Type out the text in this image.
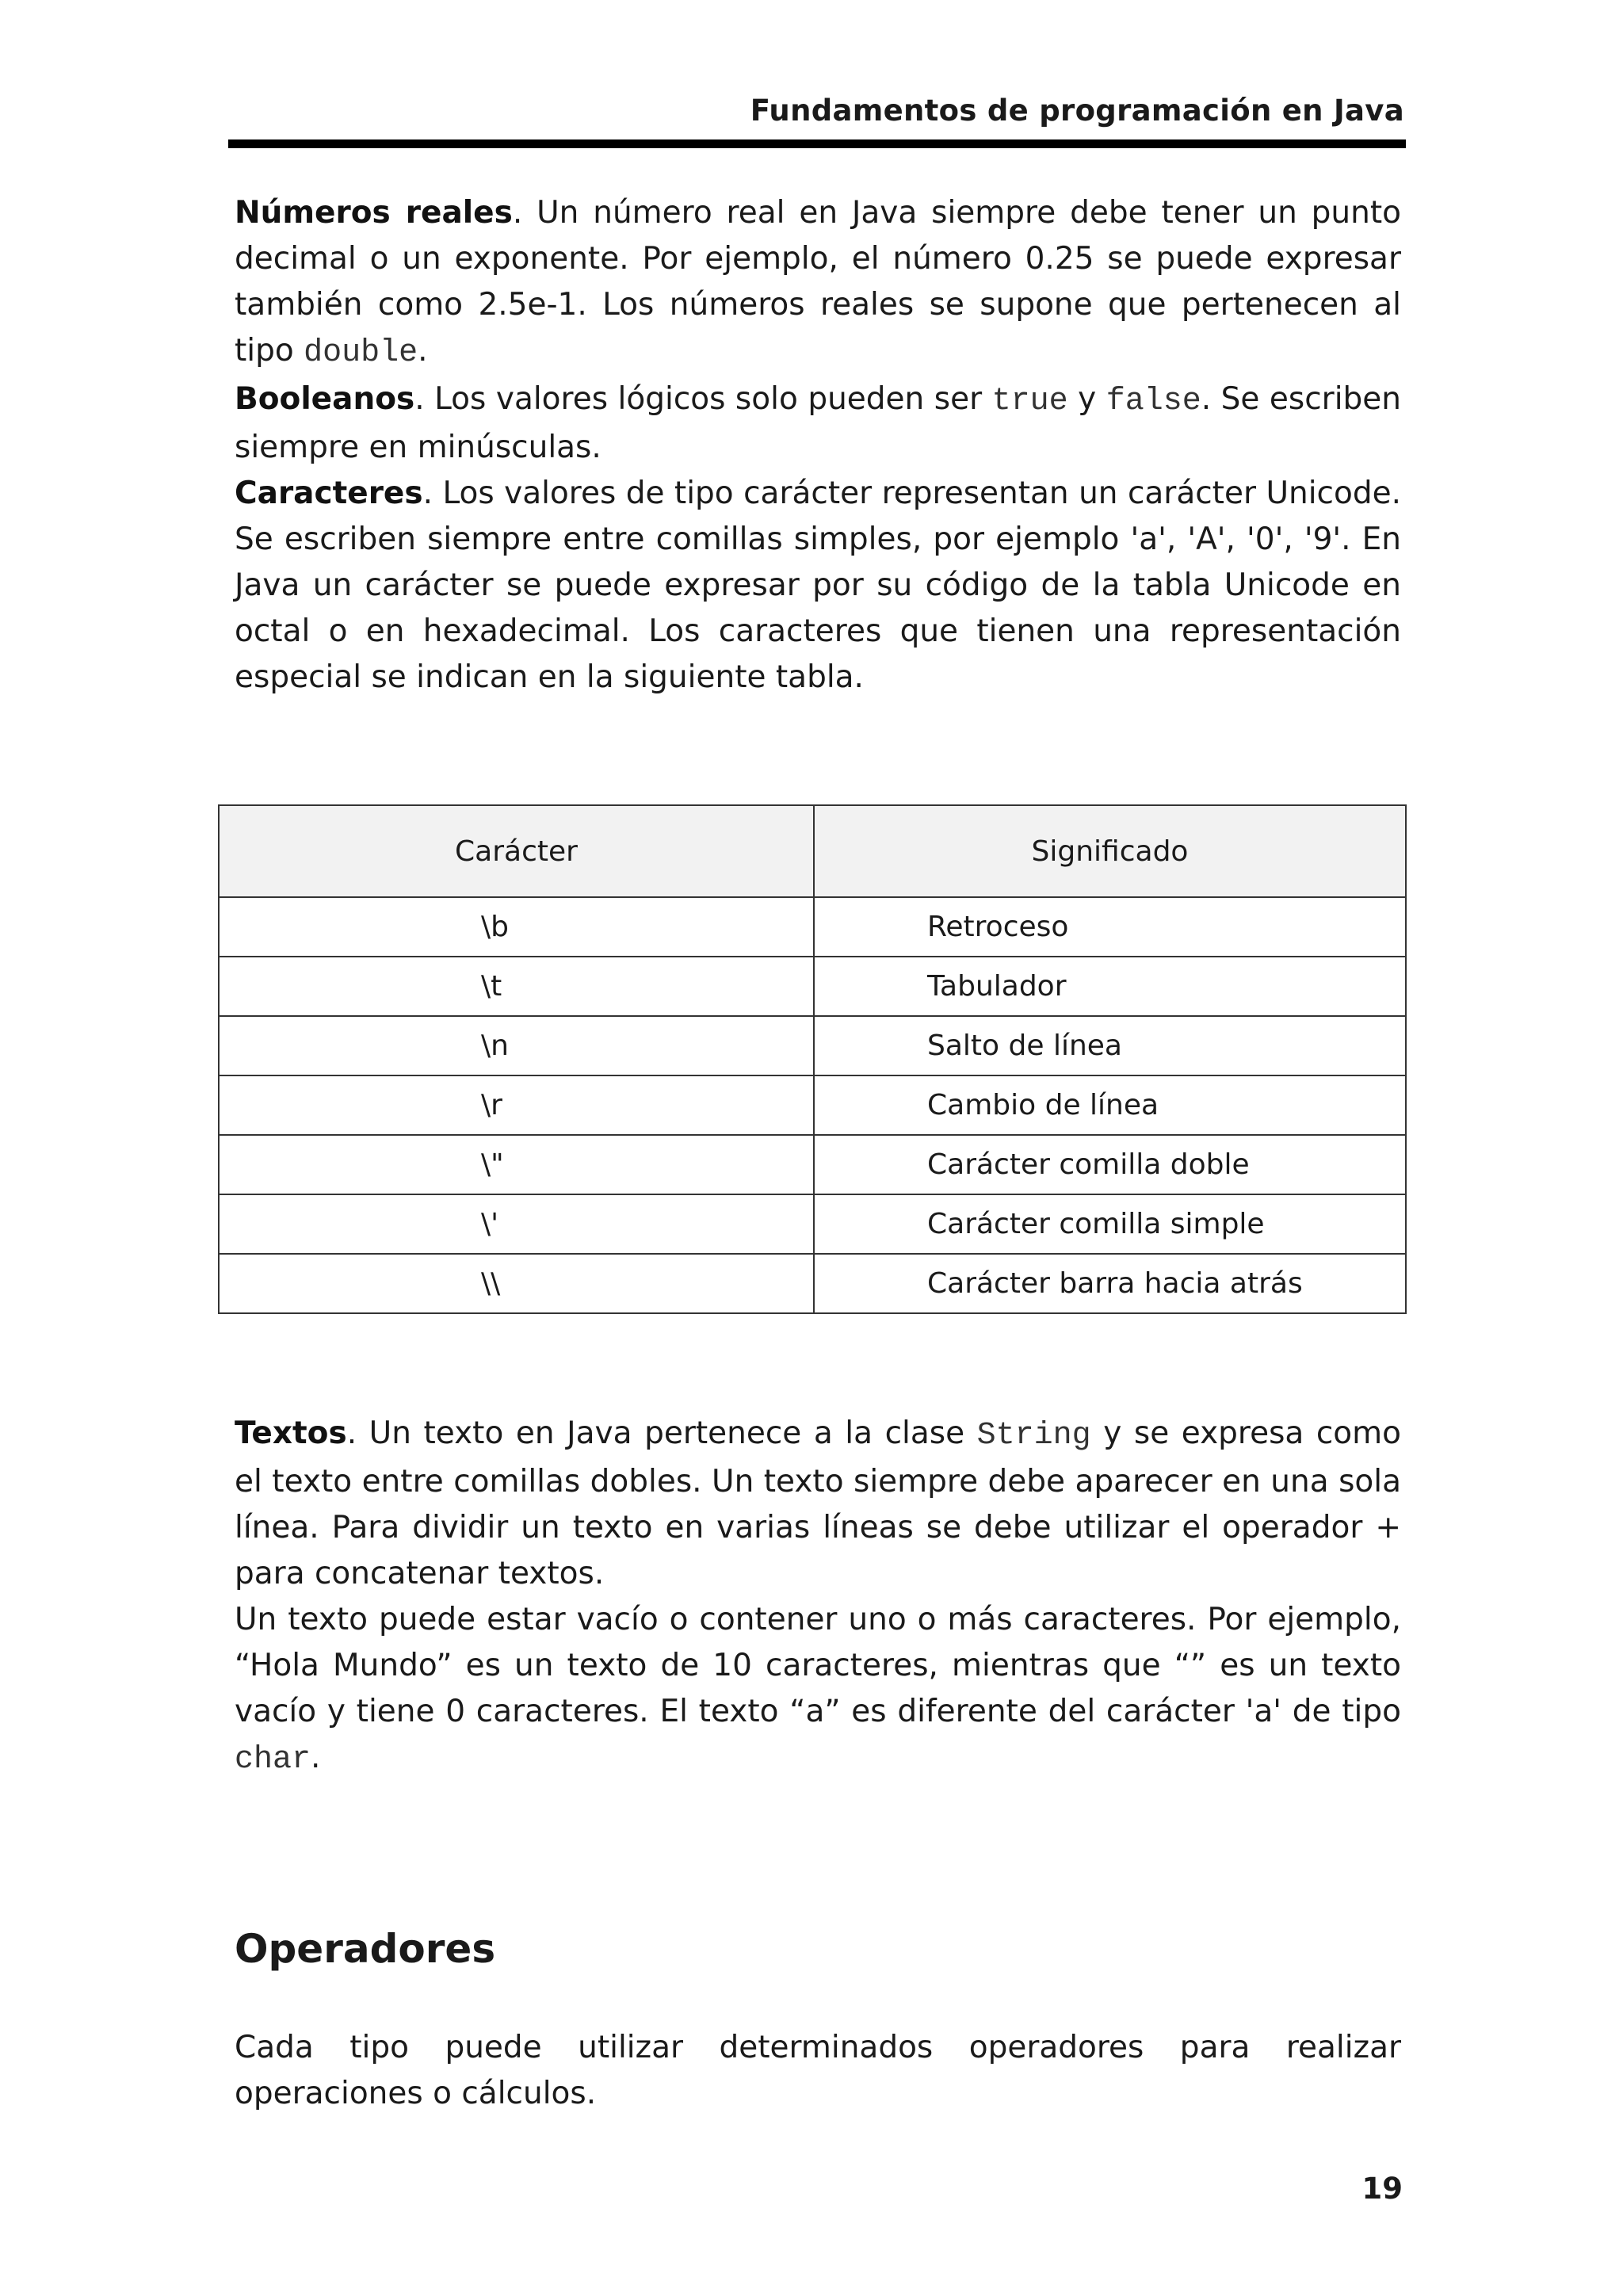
Fundamentos de programación en Java

Números reales. Un número real en Java siempre debe tener un punto decimal o un exponente. Por ejemplo, el número 0.25 se puede expresar también como 2.5e-1. Los números reales se supone que pertenecen al tipo double.

Booleanos. Los valores lógicos solo pueden ser true y false. Se escriben siempre en minúsculas.

Caracteres. Los valores de tipo carácter representan un carácter Unicode. Se escriben siempre entre comillas simples, por ejemplo 'a', 'A', '0', '9'. En Java un carácter se puede expresar por su código de la tabla Unicode en octal o en hexadecimal. Los caracteres que tienen una representación especial se indican en la siguiente tabla.

Carácter	Significado
\b	Retroceso
\t	Tabulador
\n	Salto de línea
\r	Cambio de línea
\"	Carácter comilla doble
\'	Carácter comilla simple
\\	Carácter barra hacia atrás

Textos. Un texto en Java pertenece a la clase String y se expresa como el texto entre comillas dobles. Un texto siempre debe aparecer en una sola línea. Para dividir un texto en varias líneas se debe utilizar el operador + para concatenar textos.

Un texto puede estar vacío o contener uno o más caracteres. Por ejemplo, “Hola Mundo” es un texto de 10 caracteres, mientras que “” es un texto vacío y tiene 0 caracteres. El texto “a” es diferente del carácter 'a' de tipo char.

Operadores

Cada tipo puede utilizar determinados operadores para realizar operaciones o cálculos.

19
